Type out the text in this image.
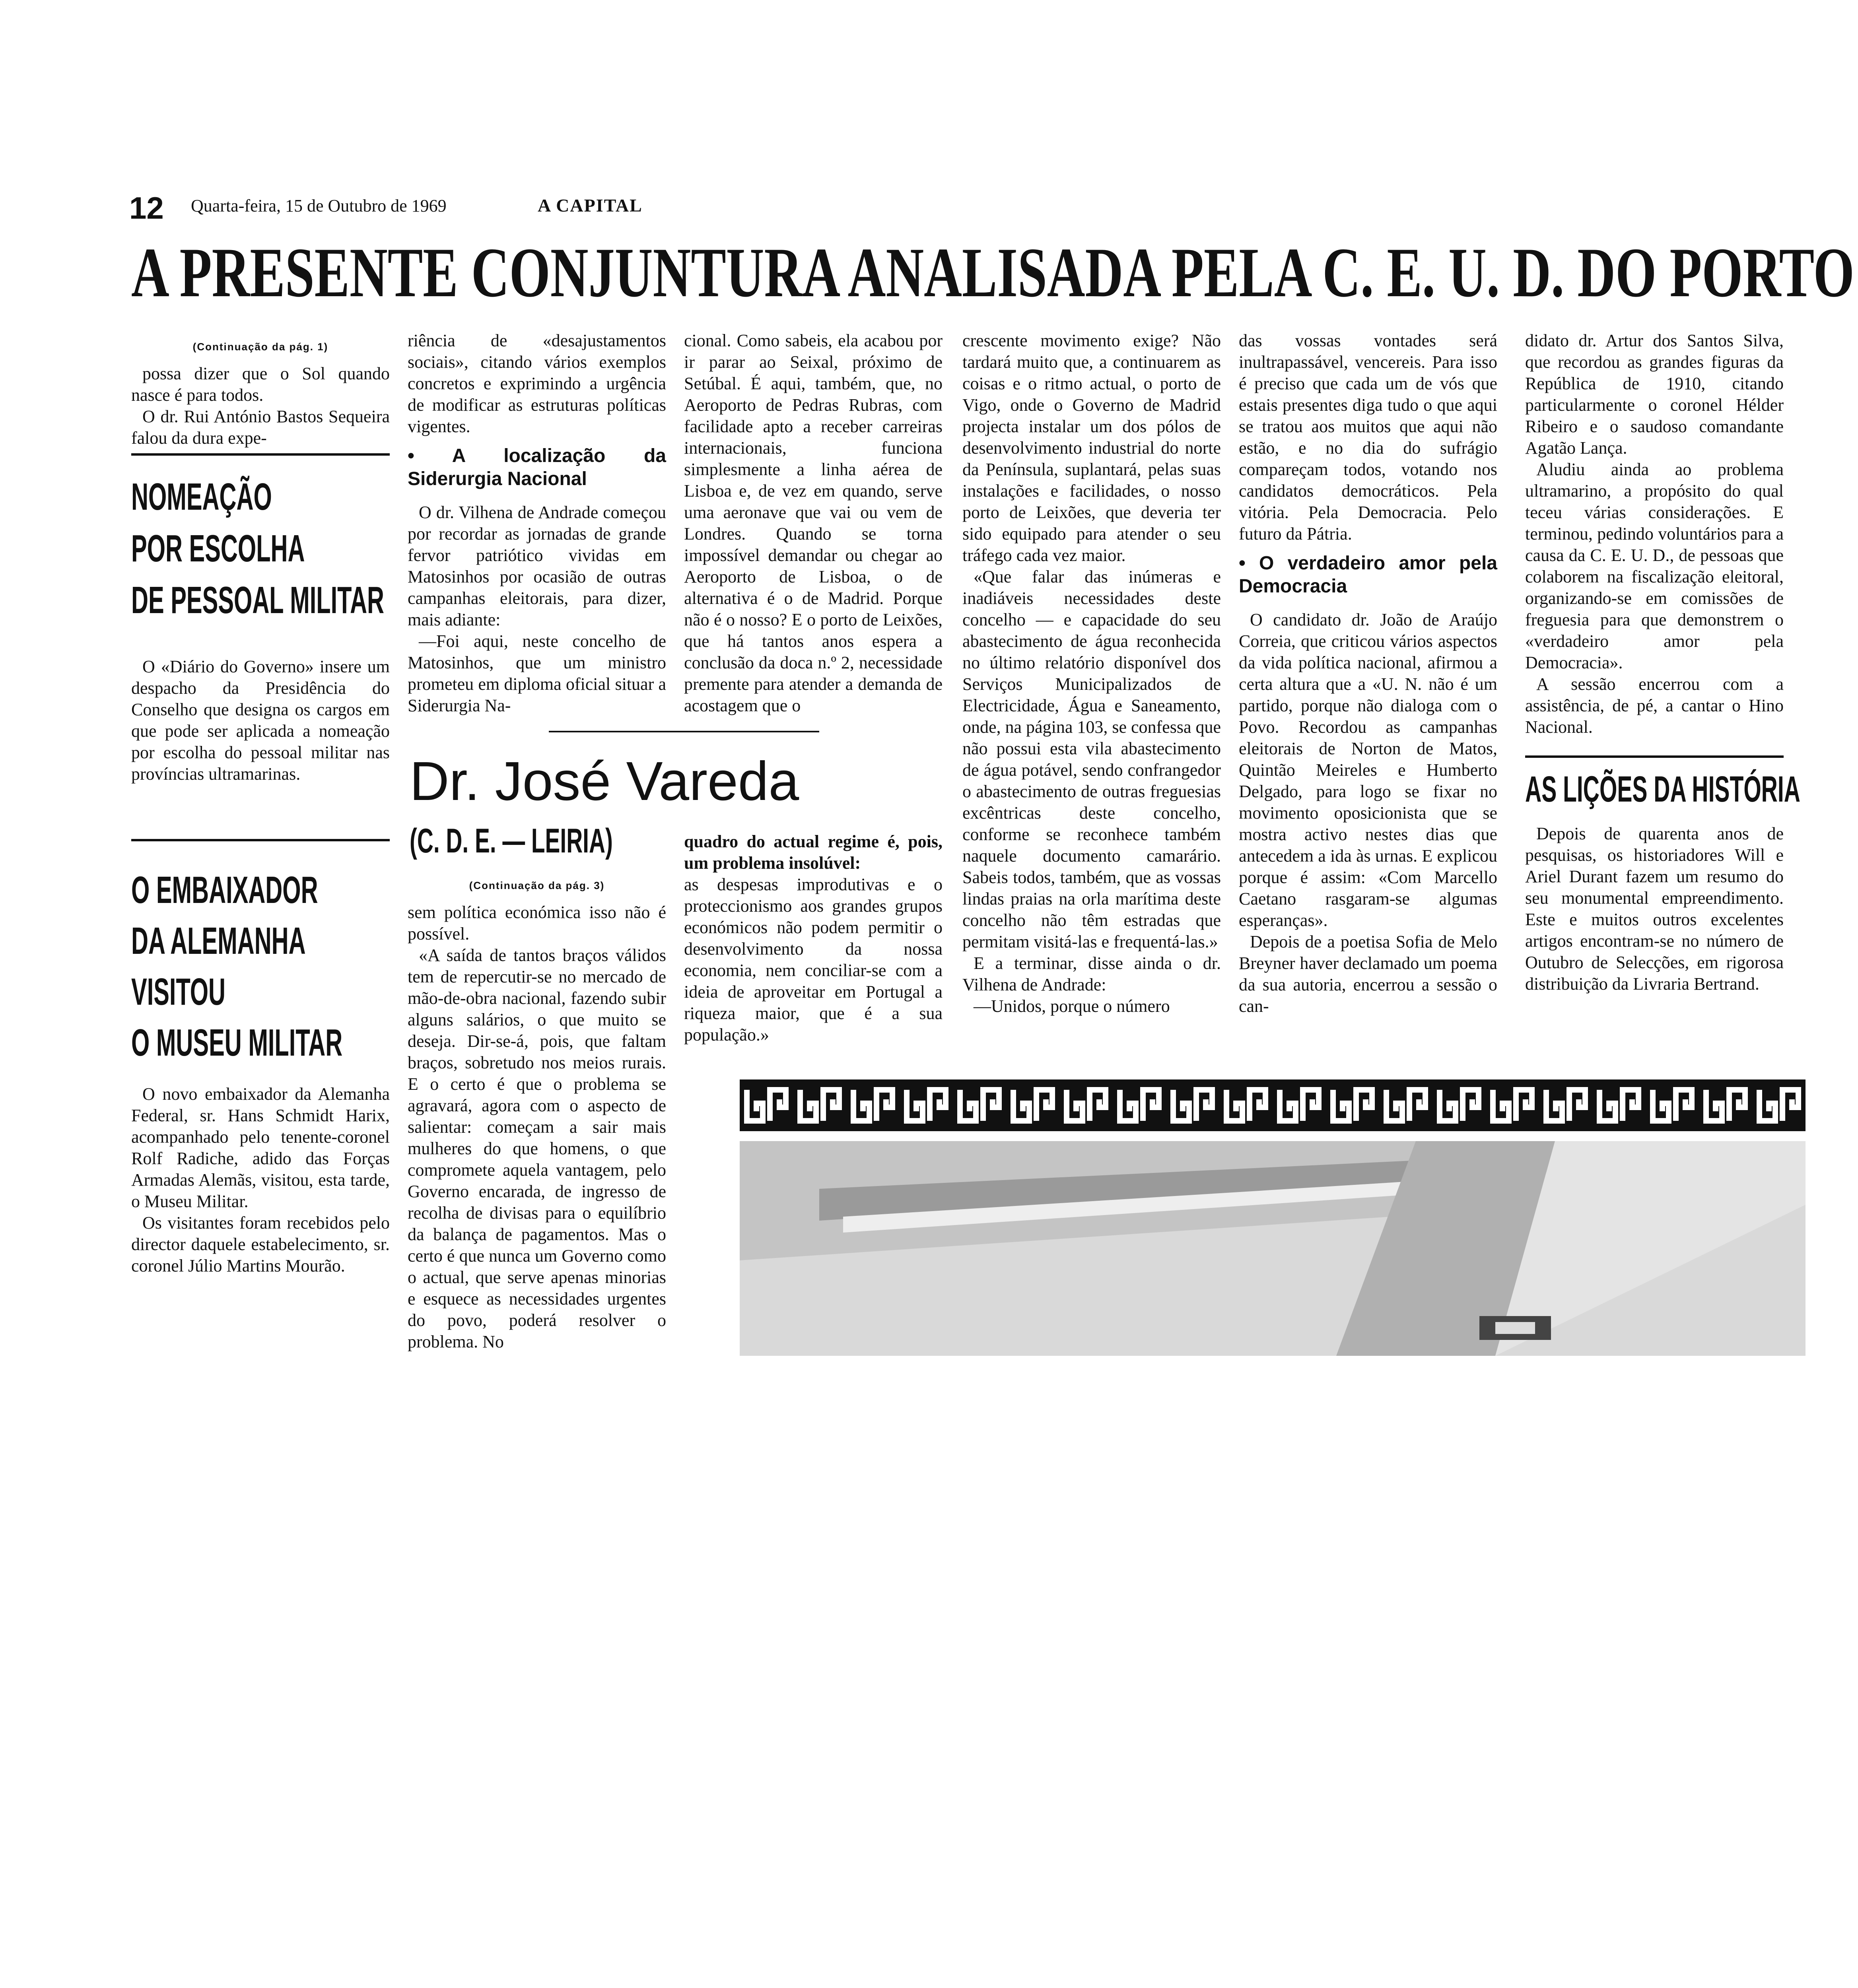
12 Quarta-feira, 15 de Outubro de 1969	A CAPITAL
A PRESENTE CONJUNTURA ANALISADA PELA C. E. U. D. DO PORTO
(Continuação da pág. 1)

possa dizer que o Sol quando nasce é para todos.

O dr. Rui António Bastos Sequeira falou da dura expe-

NOMEAÇÃO
POR ESCOLHA
DE PESSOAL MILITAR

O «Diário do Governo» insere um despacho da Presidência do Conselho que designa os cargos em que pode ser aplicada a nomeação por escolha do pessoal militar nas províncias ultramarinas.

O EMBAIXADOR
DA ALEMANHA
VISITOU
O MUSEU MILITAR

O novo embaixador da Alemanha Federal, sr. Hans Schmidt Harix, acompanhado pelo tenente-coronel Rolf Radiche, adido das Forças Armadas Alemãs, visitou, esta tarde, o Museu Militar.

Os visitantes foram recebidos pelo director daquele estabelecimento, sr. coronel Júlio Martins Mourão.

riência de «desajustamentos sociais», citando vários exemplos concretos e exprimindo a urgência de modificar as estruturas políticas vigentes.

• A localização da Siderurgia Nacional

O dr. Vilhena de Andrade começou por recordar as jornadas de grande fervor patriótico vividas em Matosinhos por ocasião de outras campanhas eleitorais, para dizer, mais adiante:

—Foi aqui, neste concelho de Matosinhos, que um ministro prometeu em diploma oficial situar a Siderurgia Na-

cional. Como sabeis, ela acabou por ir parar ao Seixal, próximo de Setúbal. É aqui, também, que, no Aeroporto de Pedras Rubras, com facilidade apto a receber carreiras internacionais, funciona simplesmente a linha aérea de Lisboa e, de vez em quando, serve uma aeronave que vai ou vem de Londres. Quando se torna impossível demandar ou chegar ao Aeroporto de Lisboa, o de alternativa é o de Madrid. Porque não é o nosso? E o porto de Leixões, que há tantos anos espera a conclusão da doca n.º 2, necessidade premente para atender a demanda de acostagem que o

crescente movimento exige? Não tardará muito que, a continuarem as coisas e o ritmo actual, o porto de Vigo, onde o Governo de Madrid projecta instalar um dos pólos de desenvolvimento industrial do norte da Península, suplantará, pelas suas instalações e facilidades, o nosso porto de Leixões, que deveria ter sido equipado para atender o seu tráfego cada vez maior.

«Que falar das inúmeras e inadiáveis necessidades deste concelho — e capacidade do seu abastecimento de água reconhecida no último relatório disponível dos Serviços Municipalizados de Electricidade, Água e Saneamento, onde, na página 103, se confessa que não possui esta vila abastecimento de água potável, sendo confrangedor o abastecimento de outras freguesias excêntricas deste concelho, conforme se reconhece também naquele documento camarário. Sabeis todos, também, que as vossas lindas praias na orla marítima deste concelho não têm estradas que permitam visitá-las e frequentá-las.»

E a terminar, disse ainda o dr. Vilhena de Andrade:

—Unidos, porque o número

das vossas vontades será inultrapassável, vencereis. Para isso é preciso que cada um de vós que estais presentes diga tudo o que aqui se tratou aos muitos que aqui não estão, e no dia do sufrágio compareçam todos, votando nos candidatos democráticos. Pela vitória. Pela Democracia. Pelo futuro da Pátria.

• O verdadeiro amor pela Democracia

O candidato dr. João de Araújo Correia, que criticou vários aspectos da vida política nacional, afirmou a certa altura que a «U. N. não é um partido, porque não dialoga com o Povo. Recordou as campanhas eleitorais de Norton de Matos, Quintão Meireles e Humberto Delgado, para logo se fixar no movimento oposicionista que se mostra activo nestes dias que antecedem a ida às urnas. E explicou porque é assim: «Com Marcello Caetano rasgaram-se algumas esperanças».

Depois de a poetisa Sofia de Melo Breyner haver declamado um poema da sua autoria, encerrou a sessão o can-

didato dr. Artur dos Santos Silva, que recordou as grandes figuras da República de 1910, citando particularmente o coronel Hélder Ribeiro e o saudoso comandante Agatão Lança.

Aludiu ainda ao problema ultramarino, a propósito do qual teceu várias considerações. E terminou, pedindo voluntários para a causa da C. E. U. D., de pessoas que colaborem na fiscalização eleitoral, organizando-se em comissões de freguesia para que demonstrem o «verdadeiro amor pela Democracia».

A sessão encerrou com a assistência, de pé, a cantar o Hino Nacional.

AS LIÇÕES DA HISTÓRIA

Depois de quarenta anos de pesquisas, os historiadores Will e Ariel Durant fazem um resumo do seu monumental empreendimento. Este e muitos outros excelentes artigos encontram-se no número de Outubro de Selecções, em rigorosa distribuição da Livraria Bertrand.

Dr. José Vareda
(C. D. E. — LEIRIA)
(Continuação da pág. 3)

sem política económica isso não é possível.

«A saída de tantos braços válidos tem de repercutir-se no mercado de mão-de-obra nacional, fazendo subir alguns salários, o que muito se deseja. Dir-se-á, pois, que faltam braços, sobretudo nos meios rurais. E o certo é que o problema se agravará, agora com o aspecto de salientar: começam a sair mais mulheres do que homens, o que compromete aquela vantagem, pelo Governo encarada, de ingresso de recolha de divisas para o equilíbrio da balança de pagamentos. Mas o certo é que nunca um Governo como o actual, que serve apenas minorias e esquece as necessidades urgentes do povo, poderá resolver o problema. No

quadro do actual regime é, pois, um problema insolúvel:

as despesas improdutivas e o proteccionismo aos grandes grupos económicos não podem permitir o desenvolvimento da nossa economia, nem conciliar-se com a ideia de aproveitar em Portugal a riqueza maior, que é a sua população.»
